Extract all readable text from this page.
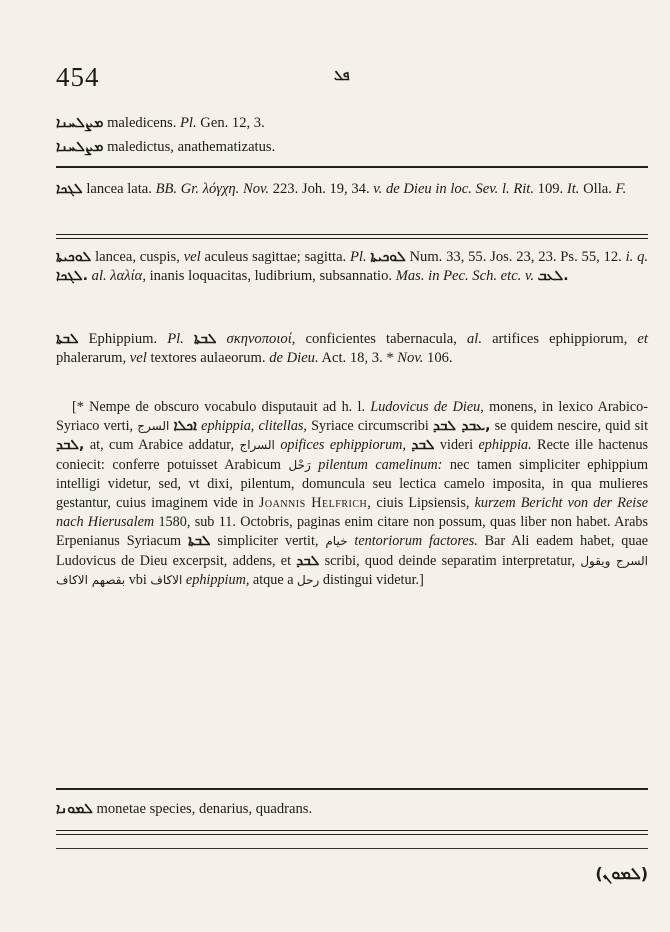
454	ܦܠ
ܡܨܠܚܢܐ maledicens. Pl. Gen. 12, 3.
ܡܨܠܚܢܐ maledictus, anathematizatus.
ܠܓܟܐ lancea lata. BB. Gr. λόγχη. Nov. 223. Joh. 19, 34. v. de Dieu in loc. Sev. l. Rit. 109. It. Olla. F.
ܠܘܟܝܬܐ lancea, cuspis, vel aculeus sagittae; sagitta. Pl. ܠܘܟܝܬܐ Num. 33, 55. Jos. 23, 23. Ps. 55, 12. i. q. ܠܓܟܐ. al. λαλία, inanis loquacitas, ludibrium, subsannatio. Mas. in Pec. Sch. etc. v. ܠܥܒ.
ܠܒܬܐ Ephippium. Pl. ܠܒܬܐ σκηνοποιοί, conficientes tabernacula, al. artifices ephippiorum, et phalerarum, vel textores aulaeorum. de Dieu. Act. 18, 3. * Nov. 106.
[* Nempe de obscuro vocabulo disputauit ad h. l. Ludovicus de Dieu, monens, in lexico Arabico-Syriaco verti,	ܐܟܠܐ السرج ephippia, clitellas, Syriace circumscribi ܥܒܕ ܠܒܕ, se quidem nescire, quid sit ܠܒܕ, at, cum Arabice addatur, السراج opifices ephippiorum, ܠܒܕ videri ephippia. Recte ille hactenus coniecit: conferre potuisset Arabicum رَحْل pilentum camelinum: nec tamen simpliciter ephippium intelligi videtur, sed, vt dixi, pilentum, domuncula seu lectica camelo imposita, in qua mulieres gestantur, cuius imaginem vide in Joannis Helfrich, ciuis Lipsiensis, kurzem Bericht von der Reise nach Hierusalem 1580, sub 11. Octobris, paginas enim citare non possum, quas liber non habet. Arabs Erpenianus Syriacum ܠܒܬܐ simpliciter vertit, خيام tentoriorum factores. Bar Ali eadem habet, quae Ludovicus de Dieu excerpsit, addens, et ܠܒܕ scribi, quod deinde separatim interpretatur, السرج ويقول بقصهم الاكاف vbi الاكاف ephippium, atque a رحل distingui videtur.]
ܠܡܘܢܐ monetae species, denarius, quadrans.
(ܠܡܘܢ)
